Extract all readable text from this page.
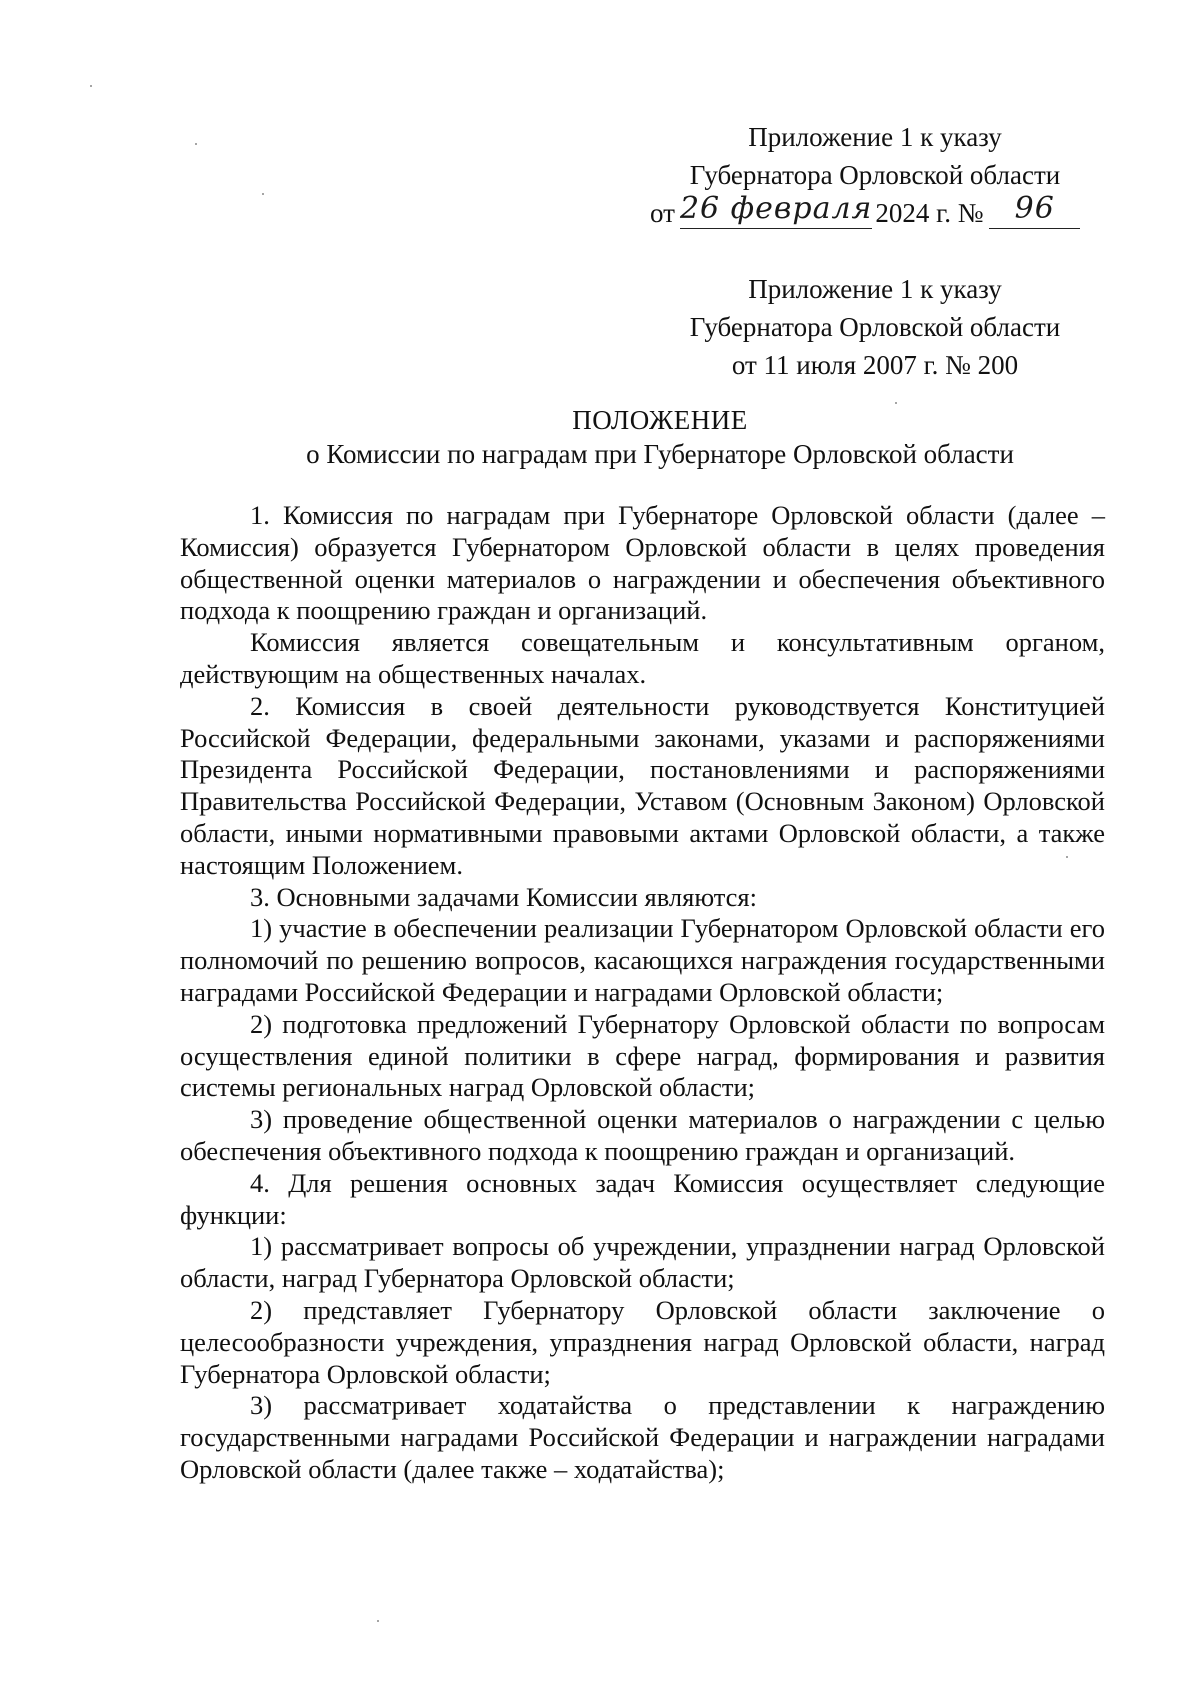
Приложение 1 к указу
Губернатора Орловской области
от 26 февраля 2024 г. №	96
Приложение 1 к указу
Губернатора Орловской области
от 11 июля 2007 г. № 200
ПОЛОЖЕНИЕ
о Комиссии по наградам при Губернаторе Орловской области

1. Комиссия по наградам при Губернаторе Орловской области (далее – Комиссия) образуется Губернатором Орловской области в целях проведения общественной оценки материалов о награждении и обеспечения объективного подхода к поощрению граждан и организаций.

Комиссия является совещательным и консультативным органом, действующим на общественных началах.

2. Комиссия в своей деятельности руководствуется Конституцией Российской Федерации, федеральными законами, указами и распоряжениями Президента Российской Федерации, постановлениями и распоряжениями Правительства Российской Федерации, Уставом (Основным Законом) Орловской области, иными нормативными правовыми актами Орловской области, а также настоящим Положением.

3. Основными задачами Комиссии являются:

1) участие в обеспечении реализации Губернатором Орловской области его полномочий по решению вопросов, касающихся награждения государственными наградами Российской Федерации и наградами Орловской области;

2) подготовка предложений Губернатору Орловской области по вопросам осуществления единой политики в сфере наград, формирования и развития системы региональных наград Орловской области;

3) проведение общественной оценки материалов о награждении с целью обеспечения объективного подхода к поощрению граждан и организаций.

4. Для решения основных задач Комиссия осуществляет следующие функции:

1) рассматривает вопросы об учреждении, упразднении наград Орловской области, наград Губернатора Орловской области;

2) представляет Губернатору Орловской области заключение о целесообразности учреждения, упразднения наград Орловской области, наград Губернатора Орловской области;

3) рассматривает ходатайства о представлении к награждению государственными наградами Российской Федерации и награждении наградами Орловской области (далее также – ходатайства);
